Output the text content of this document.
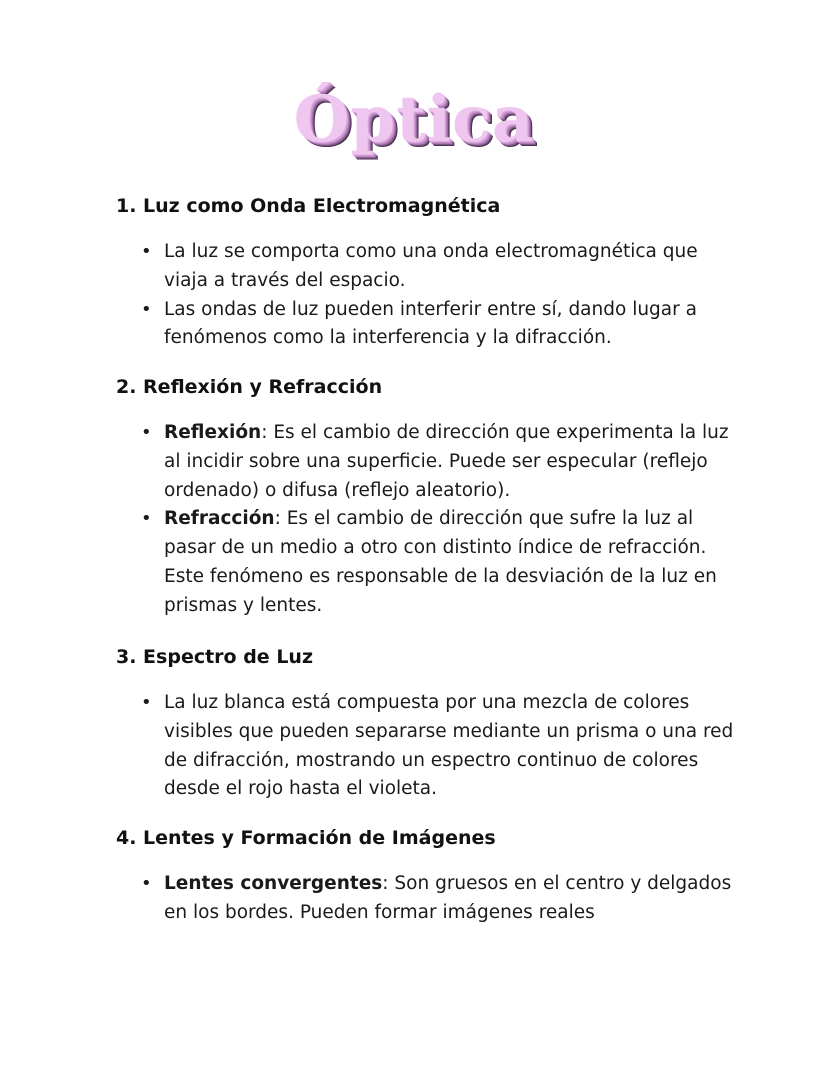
Óptica
1. Luz como Onda Electromagnética
• La luz se comporta como una onda electromagnética que viaja a través del espacio.
• Las ondas de luz pueden interferir entre sí, dando lugar a fenómenos como la interferencia y la difracción.
2. Reflexión y Refracción
• Reflexión: Es el cambio de dirección que experimenta la luz al incidir sobre una superficie. Puede ser especular (reflejo ordenado) o difusa (reflejo aleatorio).
• Refracción: Es el cambio de dirección que sufre la luz al pasar de un medio a otro con distinto índice de refracción. Este fenómeno es responsable de la desviación de la luz en prismas y lentes.
3. Espectro de Luz
• La luz blanca está compuesta por una mezcla de colores visibles que pueden separarse mediante un prisma o una red de difracción, mostrando un espectro continuo de colores desde el rojo hasta el violeta.
4. Lentes y Formación de Imágenes
• Lentes convergentes: Son gruesos en el centro y delgados en los bordes. Pueden formar imágenes reales
